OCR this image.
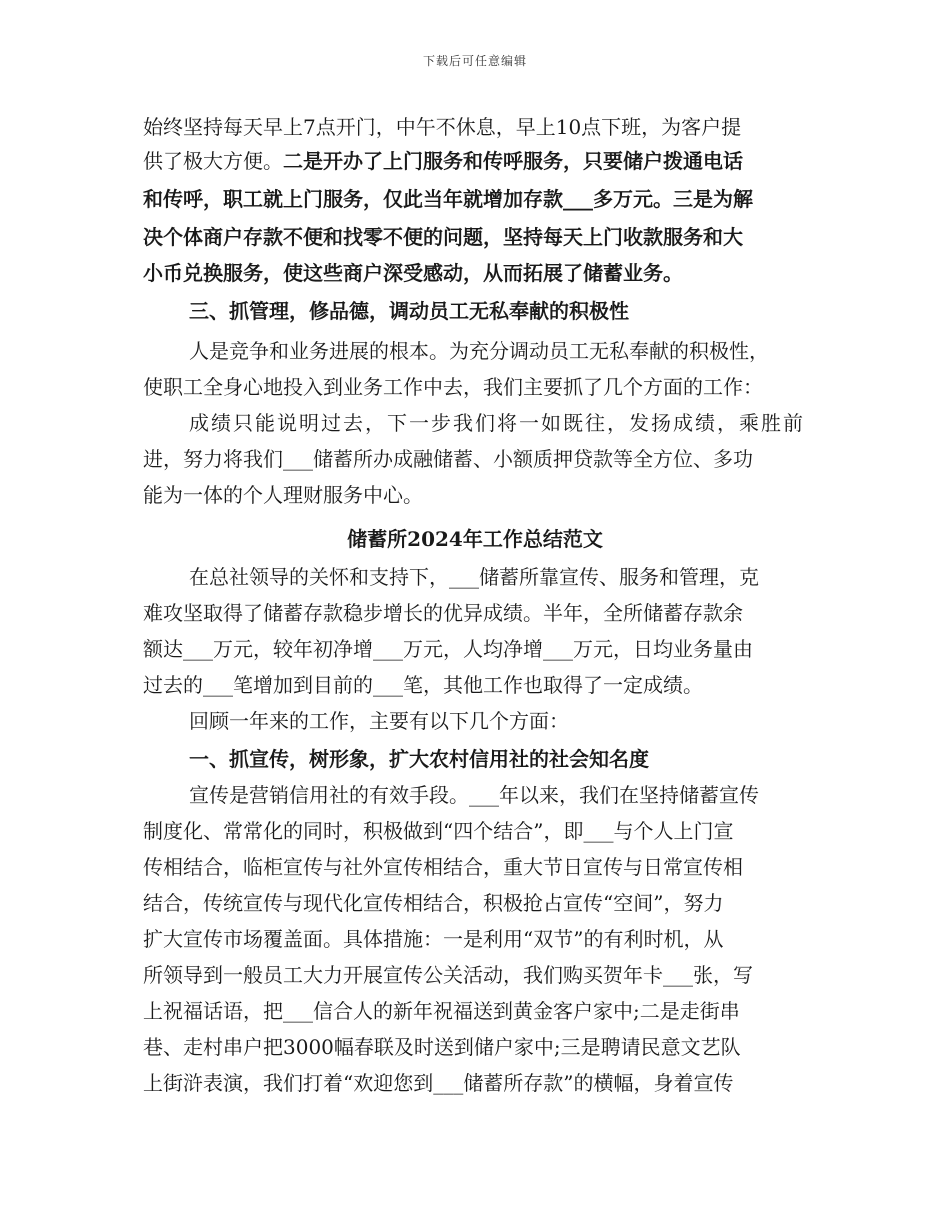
下载后可任意编辑
始终坚持每天早上7点开门，中午不休息，早上10点下班，为客户提
供了极大方便。二是开办了上门服务和传呼服务，只要储户拨通电话
和传呼，职工就上门服务，仅此当年就增加存款___多万元。三是为解
决个体商户存款不便和找零不便的问题，坚持每天上门收款服务和大
小币兑换服务，使这些商户深受感动，从而拓展了储蓄业务。
三、抓管理，修品德，调动员工无私奉献的积极性
人是竞争和业务进展的根本。为充分调动员工无私奉献的积极性，
使职工全身心地投入到业务工作中去，我们主要抓了几个方面的工作：
成绩只能说明过去，下一步我们将一如既往，发扬成绩，乘胜前
进，努力将我们___储蓄所办成融储蓄、小额质押贷款等全方位、多功
能为一体的个人理财服务中心。
储蓄所2024年工作总结范文
在总社领导的关怀和支持下，___储蓄所靠宣传、服务和管理，克
难攻坚取得了储蓄存款稳步增长的优异成绩。半年，全所储蓄存款余
额达___万元，较年初净增___万元，人均净增___万元，日均业务量由
过去的___笔增加到目前的___笔，其他工作也取得了一定成绩。
回顾一年来的工作，主要有以下几个方面：
一、抓宣传，树形象，扩大农村信用社的社会知名度
宣传是营销信用社的有效手段。___年以来，我们在坚持储蓄宣传
制度化、常常化的同时，积极做到“四个结合”，即___与个人上门宣
传相结合，临柜宣传与社外宣传相结合，重大节日宣传与日常宣传相
结合，传统宣传与现代化宣传相结合，积极抢占宣传“空间”，努力
扩大宣传市场覆盖面。具体措施：一是利用“双节”的有利时机，从
所领导到一般员工大力开展宣传公关活动，我们购买贺年卡___张，写
上祝福话语，把___信合人的新年祝福送到黄金客户家中;二是走街串
巷、走村串户把3000幅春联及时送到储户家中;三是聘请民意文艺队
上街浒表演，我们打着“欢迎您到___储蓄所存款”的横幅，身着宣传
